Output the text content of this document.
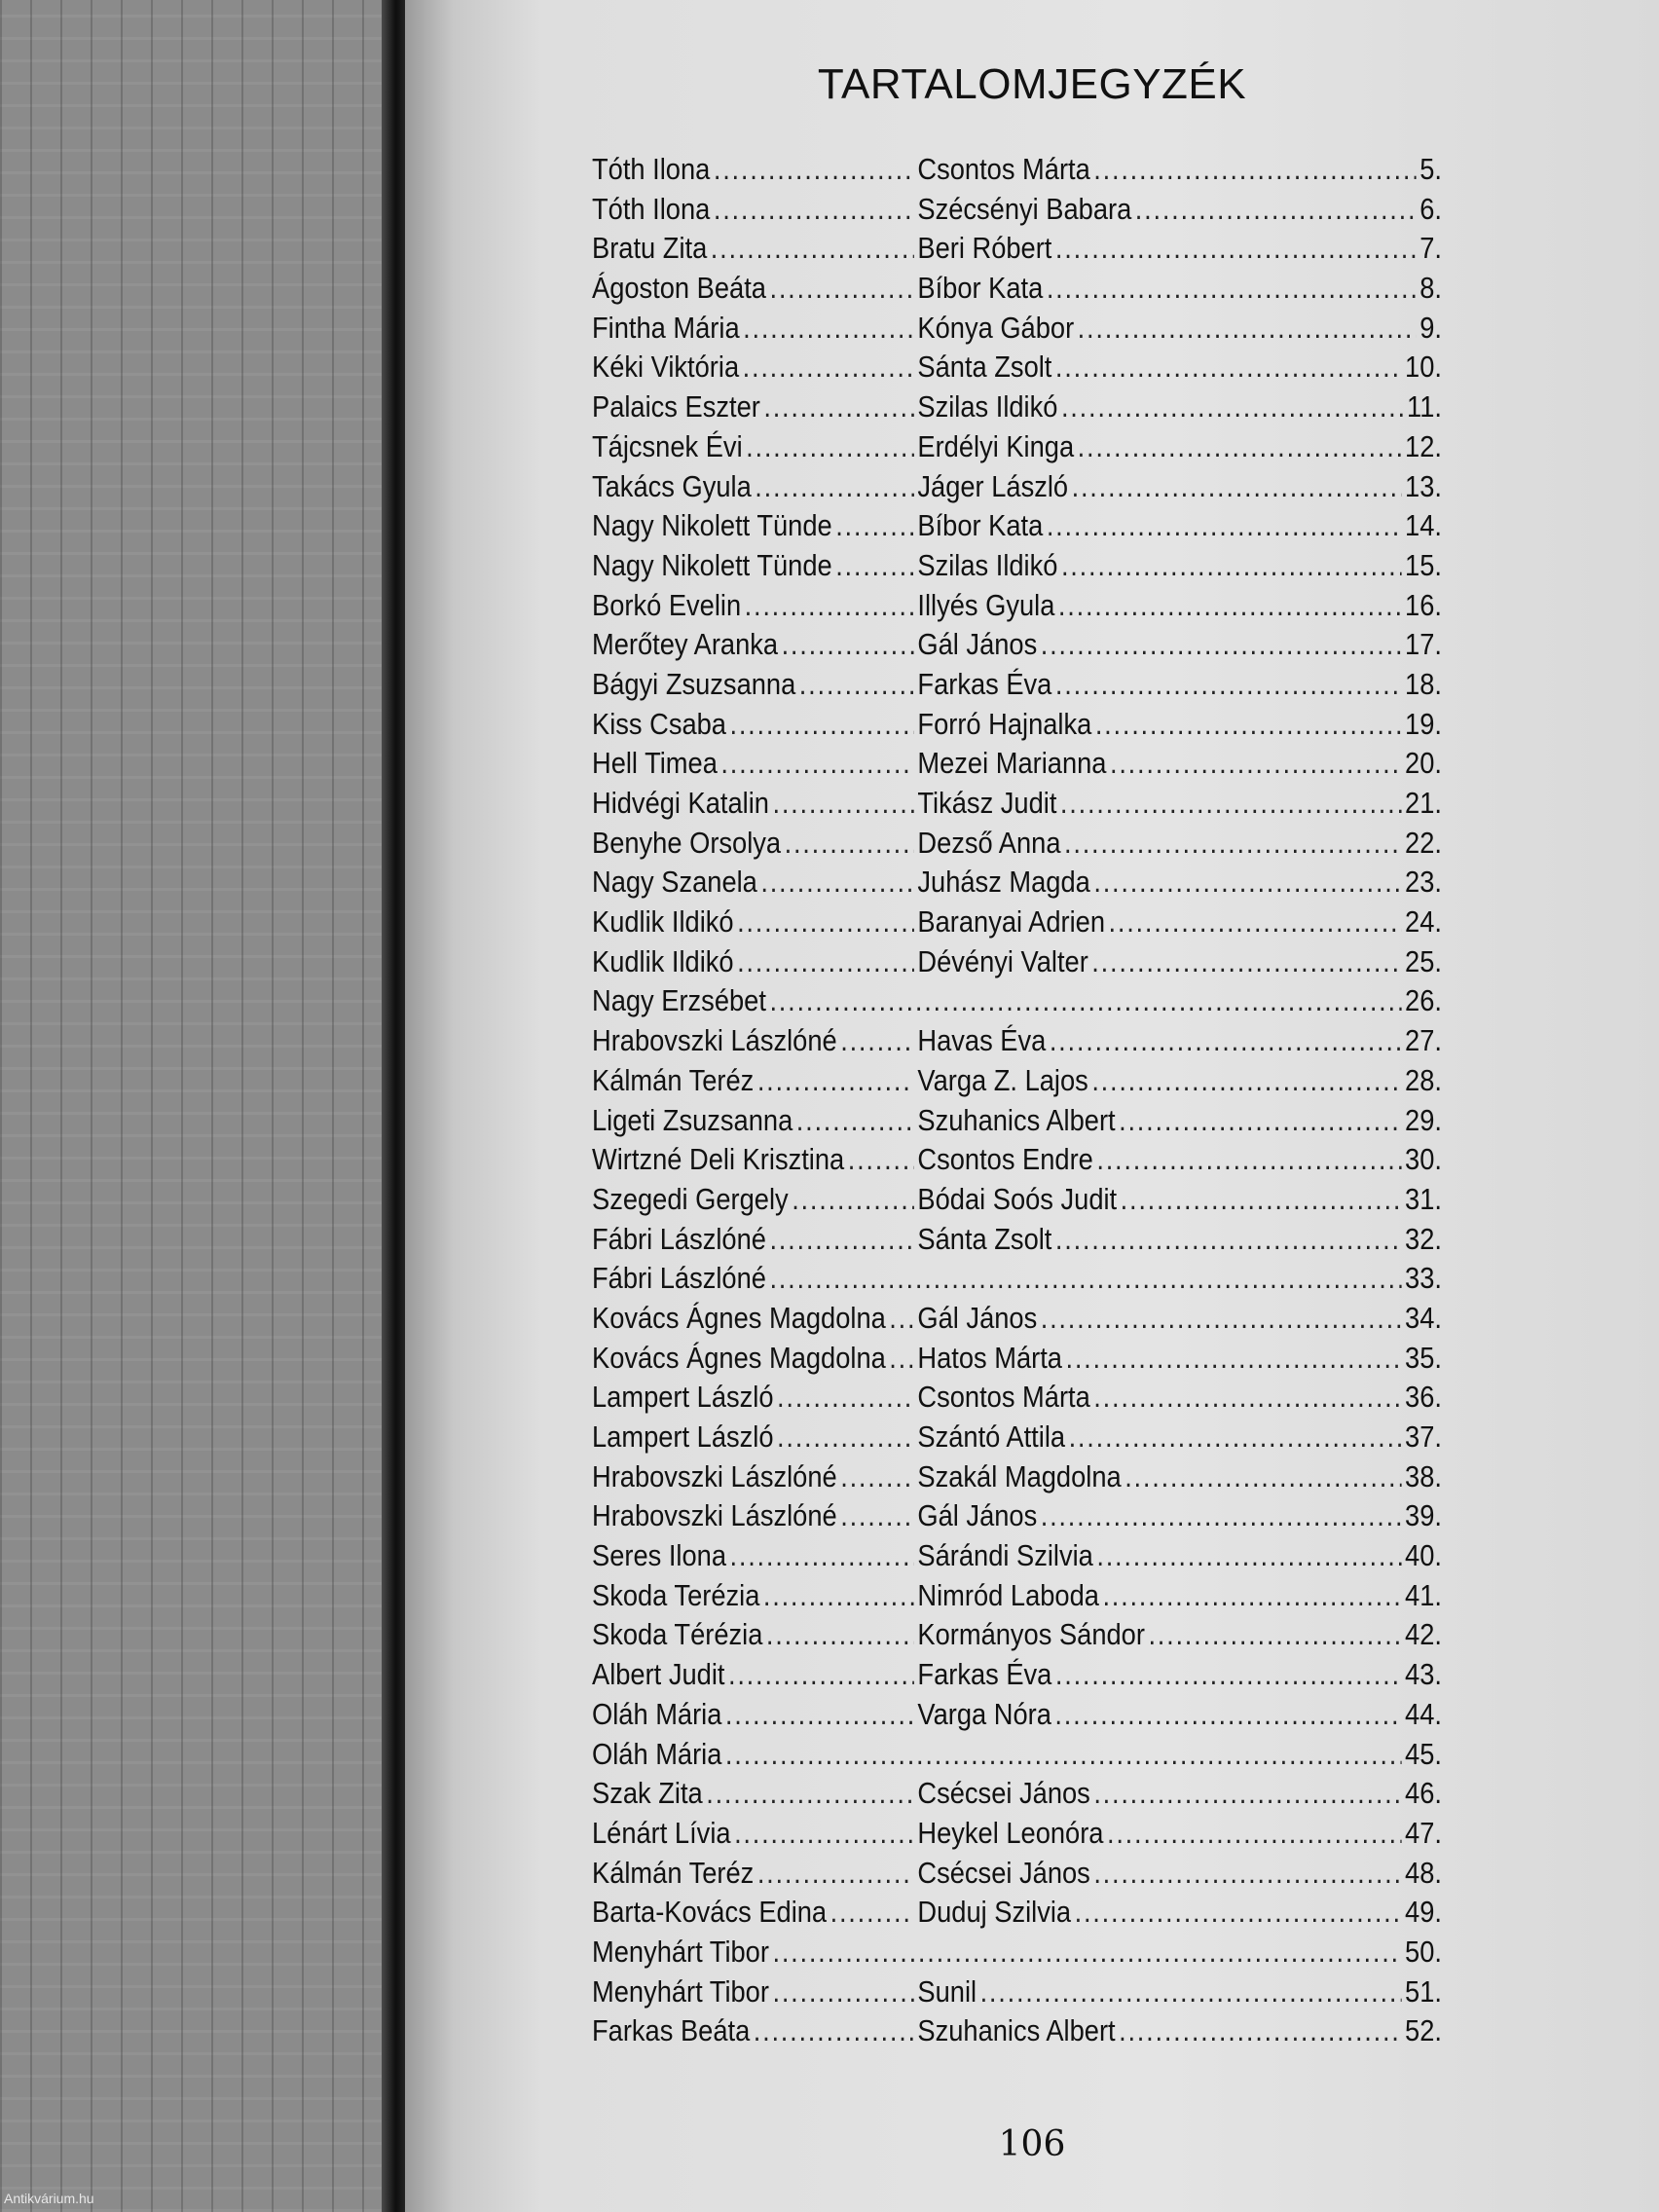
TARTALOMJEGYZÉK
Tóth Ilona .....	Csontos Márta .....	5.
Tóth Ilona .....	Szécsényi Babara .....	6.
Bratu Zita .....	Beri Róbert .....	7.
Ágoston Beáta .....	Bíbor Kata .....	8.
Fintha Mária .....	Kónya Gábor .....	9.
Kéki Viktória .....	Sánta Zsolt .....	10.
Palaics Eszter .....	Szilas Ildikó .....	11.
Tájcsnek Évi .....	Erdélyi Kinga .....	12.
Takács Gyula .....	Jáger László .....	13.
Nagy Nikolett Tünde .....	Bíbor Kata .....	14.
Nagy Nikolett Tünde .....	Szilas Ildikó .....	15.
Borkó Evelin .....	Illyés Gyula .....	16.
Merőtey Aranka .....	Gál János .....	17.
Bágyi Zsuzsanna .....	Farkas Éva .....	18.
Kiss Csaba .....	Forró Hajnalka .....	19.
Hell Timea .....	Mezei Marianna .....	20.
Hidvégi Katalin .....	Tikász Judit .....	21.
Benyhe Orsolya .....	Dezső Anna .....	22.
Nagy Szanela .....	Juhász Magda .....	23.
Kudlik Ildikó .....	Baranyai Adrien .....	24.
Kudlik Ildikó .....	Dévényi Valter .....	25.
Nagy Erzsébet .....	26.
Hrabovszki Lászlóné .....	Havas Éva .....	27.
Kálmán Teréz .....	Varga Z. Lajos .....	28.
Ligeti Zsuzsanna .....	Szuhanics Albert .....	29.
Wirtzné Deli Krisztina ..... Csontos Endre .....	30.
Szegedi Gergely .....	Bódai Soós Judit .....	31.
Fábri Lászlóné .....	Sánta Zsolt .....	32.
Fábri Lászlóné .....	33.
Kovács Ágnes Magdolna ..... Gál János .....	34.
Kovács Ágnes Magdolna ..... Hatos Márta .....	35.
Lampert László .....	Csontos Márta .....	36.
Lampert László .....	Szántó Attila .....	37.
Hrabovszki Lászlóné .....	Szakál Magdolna .....	38.
Hrabovszki Lászlóné .....	Gál János .....	39.
Seres Ilona .....	Sárándi Szilvia .....	40.
Skoda Terézia .....	Nimród Laboda .....	41.
Skoda Térézia .....	Kormányos Sándor .....	42.
Albert Judit .....	Farkas Éva .....	43.
Oláh Mária .....	Varga Nóra .....	44.
Oláh Mária .....	45.
Szak Zita .....	Csécsei János .....	46.
Lénárt Lívia .....	Heykel Leonóra .....	47.
Kálmán Teréz .....	Csécsei János .....	48.
Barta-Kovács Edina .....	Duduj Szilvia .....	49.
Menyhárt Tibor .....	50.
Menyhárt Tibor .....	Sunil .....	51.
Farkas Beáta .....	Szuhanics Albert .....	52.
106
Antikvárium.hu
